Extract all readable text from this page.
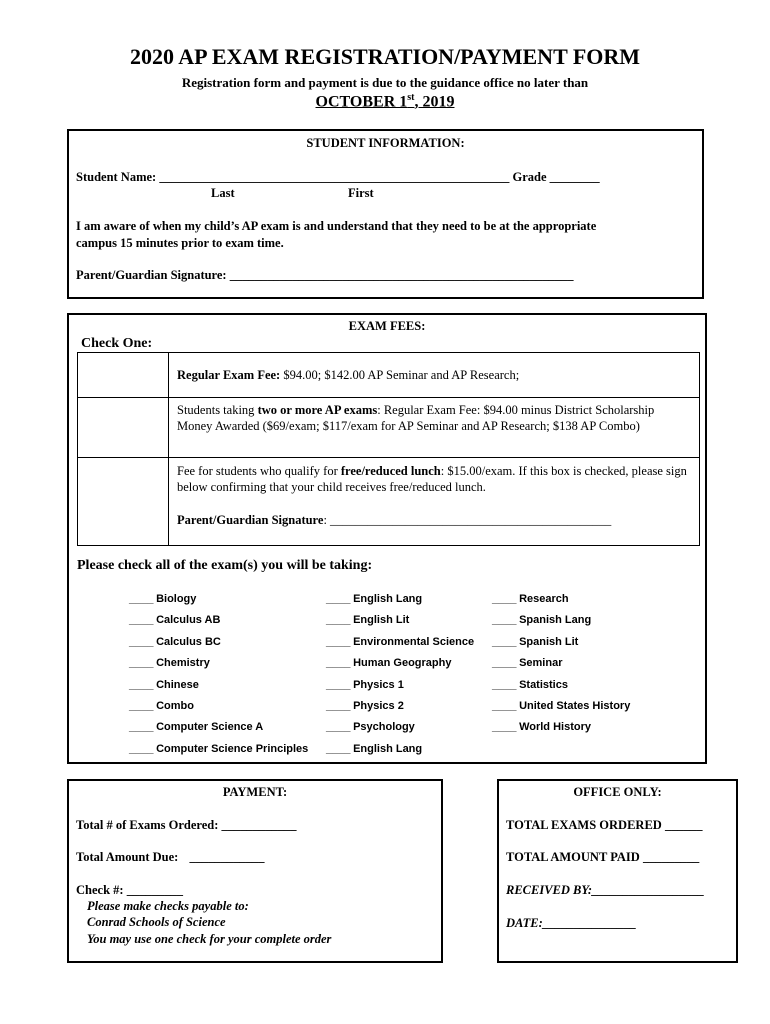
2020 AP EXAM REGISTRATION/PAYMENT FORM
Registration form and payment is due to the guidance office no later than
OCTOBER 1st, 2019
STUDENT INFORMATION:
Student Name: ________________________________________________________ Grade ________
Last	First
I am aware of when my child’s AP exam is and understand that they need to be at the appropriate
campus 15 minutes prior to exam time.
Parent/Guardian Signature: _______________________________________________________
EXAM FEES:
Check One:
	Regular Exam Fee: $94.00; $142.00 AP Seminar and AP Research;
	Students taking two or more AP exams: Regular Exam Fee: $94.00 minus District Scholarship Money Awarded ($69/exam; $117/exam for AP Seminar and AP Research; $138 AP Combo)
	Fee for students who qualify for free/reduced lunch: $15.00/exam. If this box is checked, please sign below confirming that your child receives free/reduced lunch.
Parent/Guardian Signature: _____________________________________________
Please check all of the exam(s) you will be taking:
____ Biology
____ Calculus AB
____ Calculus BC
____ Chemistry
____ Chinese
____ Combo
____ Computer Science A
____ Computer Science Principles
____ English Lang
____ English Lit
____ Environmental Science
____ Human Geography
____ Physics 1
____ Physics 2
____ Psychology
____ English Lang
____ Research
____ Spanish Lang
____ Spanish Lit
____ Seminar
____ Statistics
____ United States History
____ World History
PAYMENT:
Total # of Exams Ordered: ____________
Total Amount Due: ____________
Check #: _________
Please make checks payable to:
Conrad Schools of Science
You may use one check for your complete order
OFFICE ONLY:
TOTAL EXAMS ORDERED ______
TOTAL AMOUNT PAID _________
RECEIVED BY:__________________
DATE:_______________
